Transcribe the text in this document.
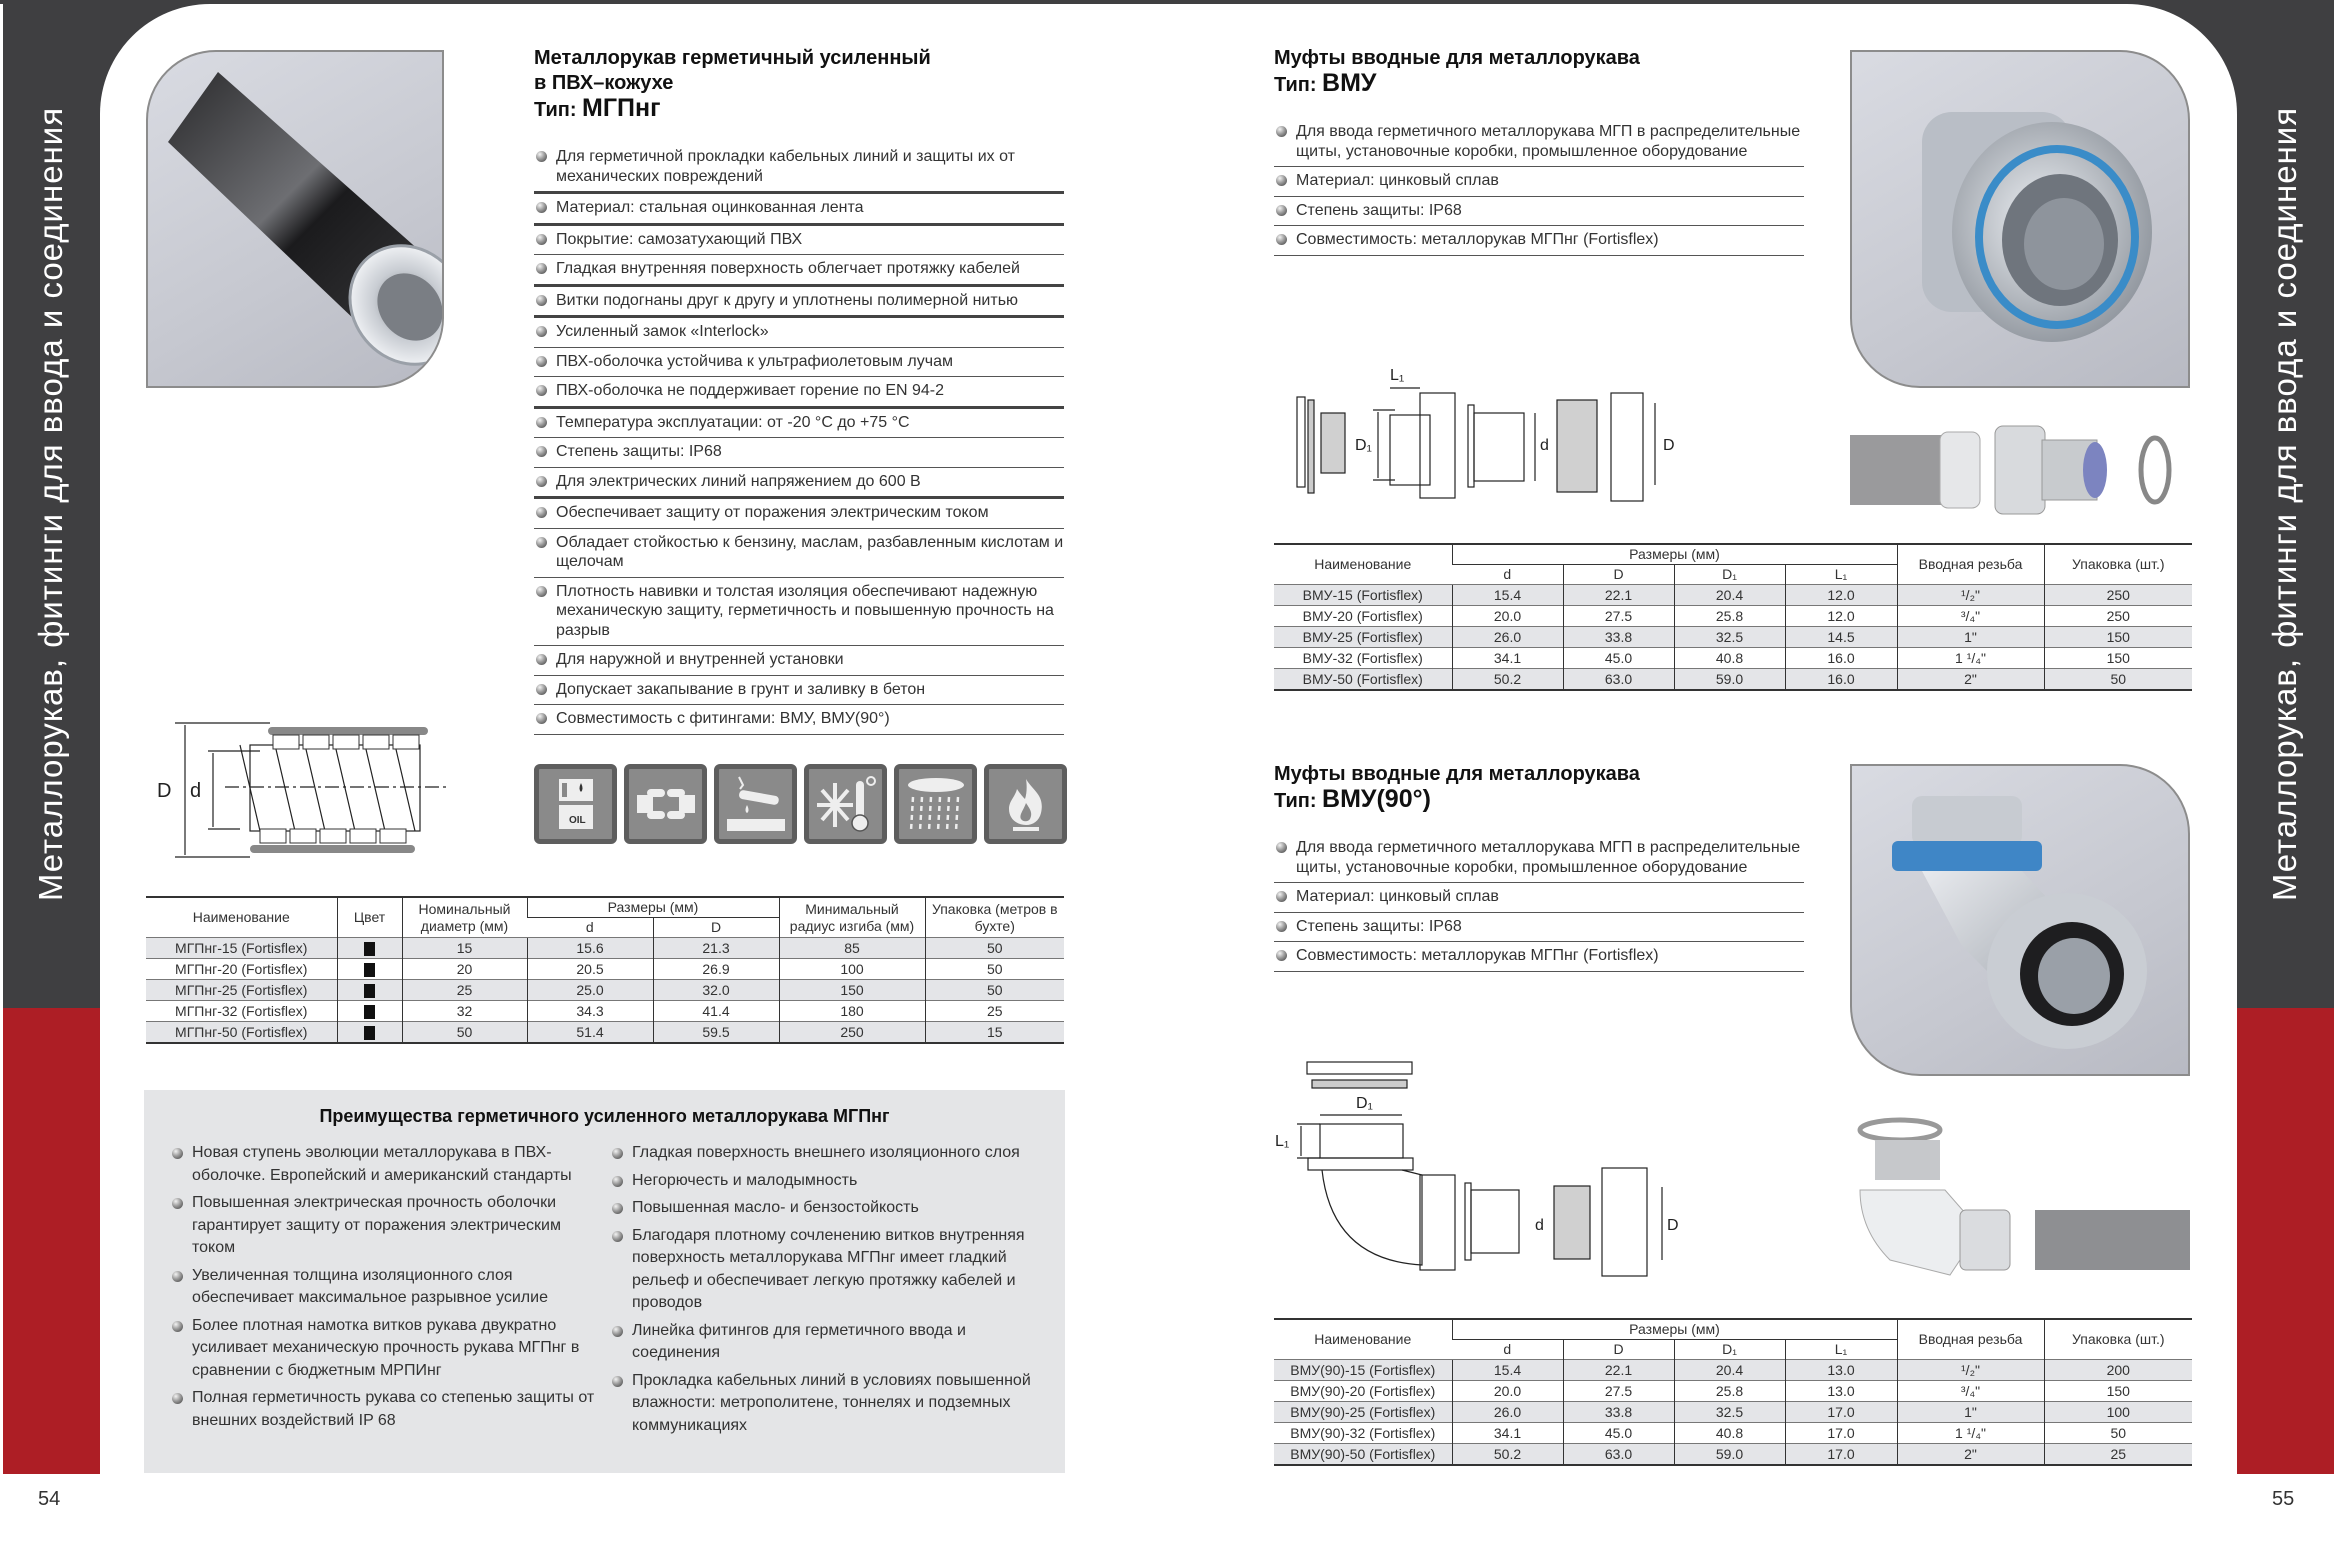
Металлорукав, фитинги для ввода и соединения	Металлорукав, фитинги для ввода и соединения
54	55
Металлорукав герметичный усиленный
в ПВХ–кожухе
Тип: МГПнг
Для герметичной прокладки кабельных линий и защиты их от механических повреждений
Материал: стальная оцинкованная лента
Покрытие: самозатухающий ПВХ
Гладкая внутренняя поверхность облегчает протяжку кабелей
Витки подогнаны друг к другу и уплотнены полимерной нитью
Усиленный замок «Interlock»
ПВХ-оболочка устойчива к ультрафиолетовым лучам
ПВХ-оболочка не поддерживает горение по EN 94-2
Температура эксплуатации: от -20 °C до +75 °C
Степень защиты: IP68
Для электрических линий напряжением до 600 В
Обеспечивает защиту от поражения электрическим током
Обладает стойкостью к бензину, маслам, разбавленным кислотам и щелочам
Плотность навивки и толстая изоляция обеспечивают надежную механическую защиту, герметичность и повышенную прочность на разрыв
Для наружной и внутренней установки
Допускает закапывание в грунт и заливку в бетон
Совместимость с фитингами: ВМУ, ВМУ(90°)
D d
OIL
Наименование	Цвет	Номинальный диаметр (мм)	Размеры (мм)		Минимальный радиус изгиба (мм)	Упаковка (метров в бухте)
			d	D		
МГПнг-15 (Fortisflex)		15	15.6	21.3	85	50
МГПнг-20 (Fortisflex)		20	20.5	26.9	100	50
МГПнг-25 (Fortisflex)		25	25.0	32.0	150	50
МГПнг-32 (Fortisflex)		32	34.3	41.4	180	25
МГПнг-50 (Fortisflex)		50	51.4	59.5	250	15
Преимущества герметичного усиленного металлорукава МГПнг
Новая ступень эволюции металлорукава в ПВХ-оболочке. Европейский и американский стандарты
Повышенная электрическая прочность оболочки гарантирует защиту от поражения электрическим током
Увеличенная толщина изоляционного слоя обеспечивает максимальное разрывное усилие
Более плотная намотка витков рукава двукратно усиливает механическую прочность рукава МГПнг в сравнении с бюджетным МРПИнг
Полная герметичность рукава со степенью защиты от внешних воздействий IP 68
Гладкая поверхность внешнего изоляционного слоя
Негорючесть и малодымность
Повышенная масло- и бензостойкость
Благодаря плотному сочленению витков внутренняя поверхность металлорукава МГПнг имеет гладкий рельеф и обеспечивает легкую протяжку кабелей и проводов
Линейка фитингов для герметичного ввода и соединения
Прокладка кабельных линий в условиях повышенной влажности: метрополитене, тоннелях и подземных коммуникациях
Муфты вводные для металлорукава
Тип: ВМУ
Для ввода герметичного металлорукава МГП в распределительные щиты, установочные коробки, промышленное оборудование
Материал: цинковый сплав
Степень защиты: IP68
Совместимость: металлорукав МГПнг (Fortisflex)
L₁
D₁	d	D
Наименование	Размеры (мм)				Вводная резьба	Упаковка (шт.)
	d	D	D₁	L₁		
ВМУ-15 (Fortisflex)	15.4	22.1	20.4	12.0	¹/₂"	250
ВМУ-20 (Fortisflex)	20.0	27.5	25.8	12.0	³/₄"	250
ВМУ-25 (Fortisflex)	26.0	33.8	32.5	14.5	1"	150
ВМУ-32 (Fortisflex)	34.1	45.0	40.8	16.0	1 ¹/₄"	150
ВМУ-50 (Fortisflex)	50.2	63.0	59.0	16.0	2"	50
Муфты вводные для металлорукава
Тип: ВМУ(90°)
Для ввода герметичного металлорукава МГП в распределительные щиты, установочные коробки, промышленное оборудование
Материал: цинковый сплав
Степень защиты: IP68
Совместимость: металлорукав МГПнг (Fortisflex)
D₁
L₁
d	D
Наименование	Размеры (мм)				Вводная резьба	Упаковка (шт.)
	d	D	D₁	L₁		
ВМУ(90)-15 (Fortisflex)	15.4	22.1	20.4	13.0	¹/₂"	200
ВМУ(90)-20 (Fortisflex)	20.0	27.5	25.8	13.0	³/₄"	150
ВМУ(90)-25 (Fortisflex)	26.0	33.8	32.5	17.0	1"	100
ВМУ(90)-32 (Fortisflex)	34.1	45.0	40.8	17.0	1 ¹/₄"	50
ВМУ(90)-50 (Fortisflex)	50.2	63.0	59.0	17.0	2"	25
